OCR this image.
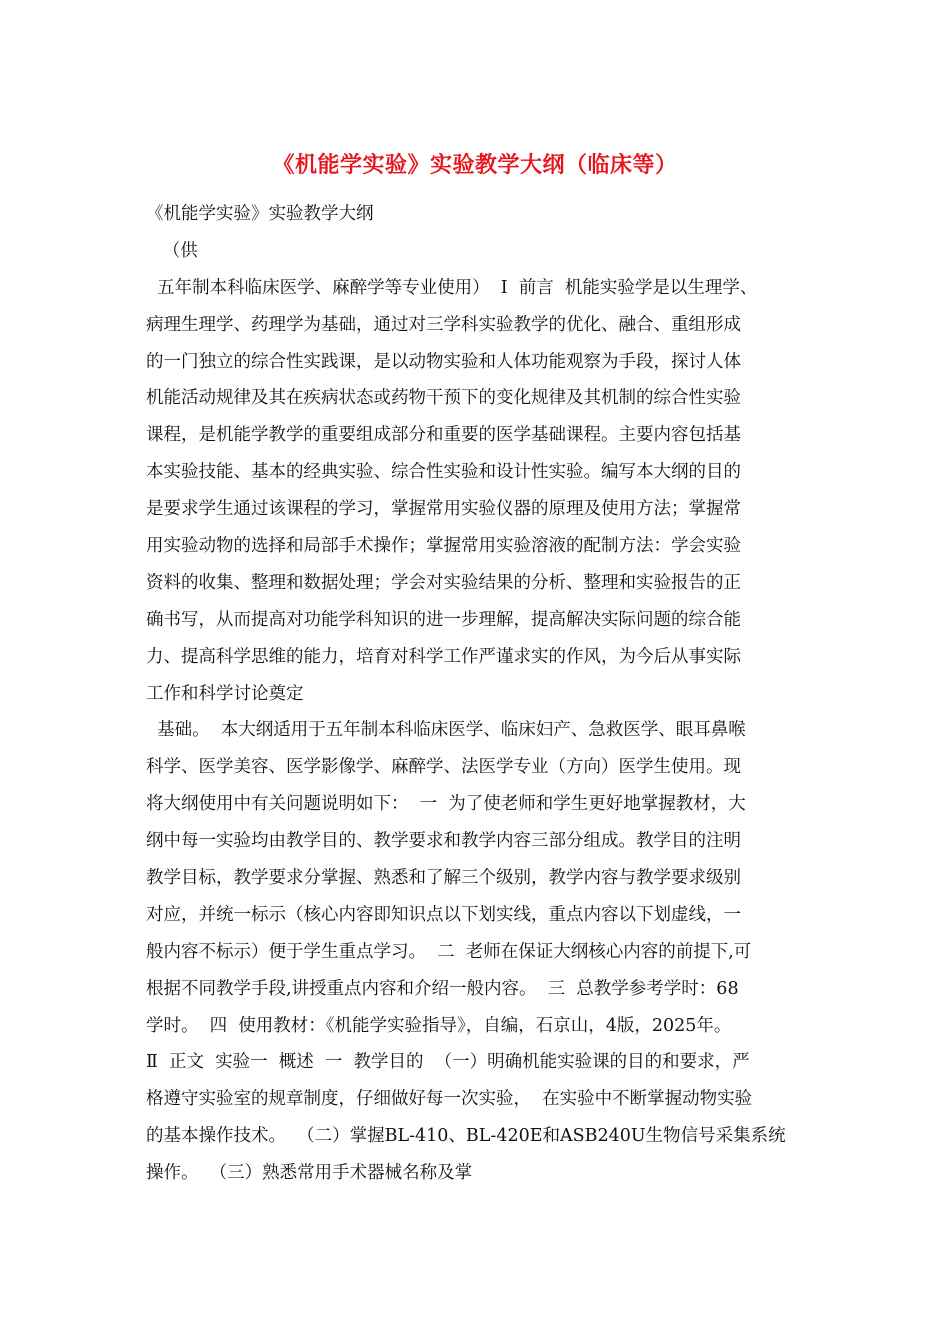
《机能学实验》实验教学大纲（临床等）
《机能学实验》实验教学大纲
（供
五年制本科临床医学、麻醉学等专业使用）  Ⅰ  前言  机能实验学是以生理学、
病理生理学、药理学为基础，通过对三学科实验教学的优化、融合、重组形成
的一门独立的综合性实践课，是以动物实验和人体功能观察为手段，探讨人体
机能活动规律及其在疾病状态或药物干预下的变化规律及其机制的综合性实验
课程，是机能学教学的重要组成部分和重要的医学基础课程。主要内容包括基
本实验技能、基本的经典实验、综合性实验和设计性实验。编写本大纲的目的
是要求学生通过该课程的学习，掌握常用实验仪器的原理及使用方法；掌握常
用实验动物的选择和局部手术操作；掌握常用实验溶液的配制方法：学会实验
资料的收集、整理和数据处理；学会对实验结果的分析、整理和实验报告的正
确书写，从而提高对功能学科知识的进一步理解，提高解决实际问题的综合能
力、提高科学思维的能力，培育对科学工作严谨求实的作风，为今后从事实际
工作和科学讨论奠定
基础。  本大纲适用于五年制本科临床医学、临床妇产、急救医学、眼耳鼻喉
科学、医学美容、医学影像学、麻醉学、法医学专业（方向）医学生使用。现
将大纲使用中有关问题说明如下：  一  为了使老师和学生更好地掌握教材，大
纲中每一实验均由教学目的、教学要求和教学内容三部分组成。教学目的注明
教学目标，教学要求分掌握、熟悉和了解三个级别，教学内容与教学要求级别
对应，并统一标示（核心内容即知识点以下划实线，重点内容以下划虚线，一
般内容不标示）便于学生重点学习。  二  老师在保证大纲核心内容的前提下,可
根据不同教学手段,讲授重点内容和介绍一般内容。  三  总教学参考学时：68
学时。  四  使用教材：《机能学实验指导》，自编，石京山，4版，2025年。
Ⅱ  正文  实验一  概述  一  教学目的  （一）明确机能实验课的目的和要求，严
格遵守实验室的规章制度，仔细做好每一次实验，  在实验中不断掌握动物实验
的基本操作技术。  （二）掌握BL-410、BL-420E和ASB240U生物信号采集系统
操作。  （三）熟悉常用手术器械名称及掌
